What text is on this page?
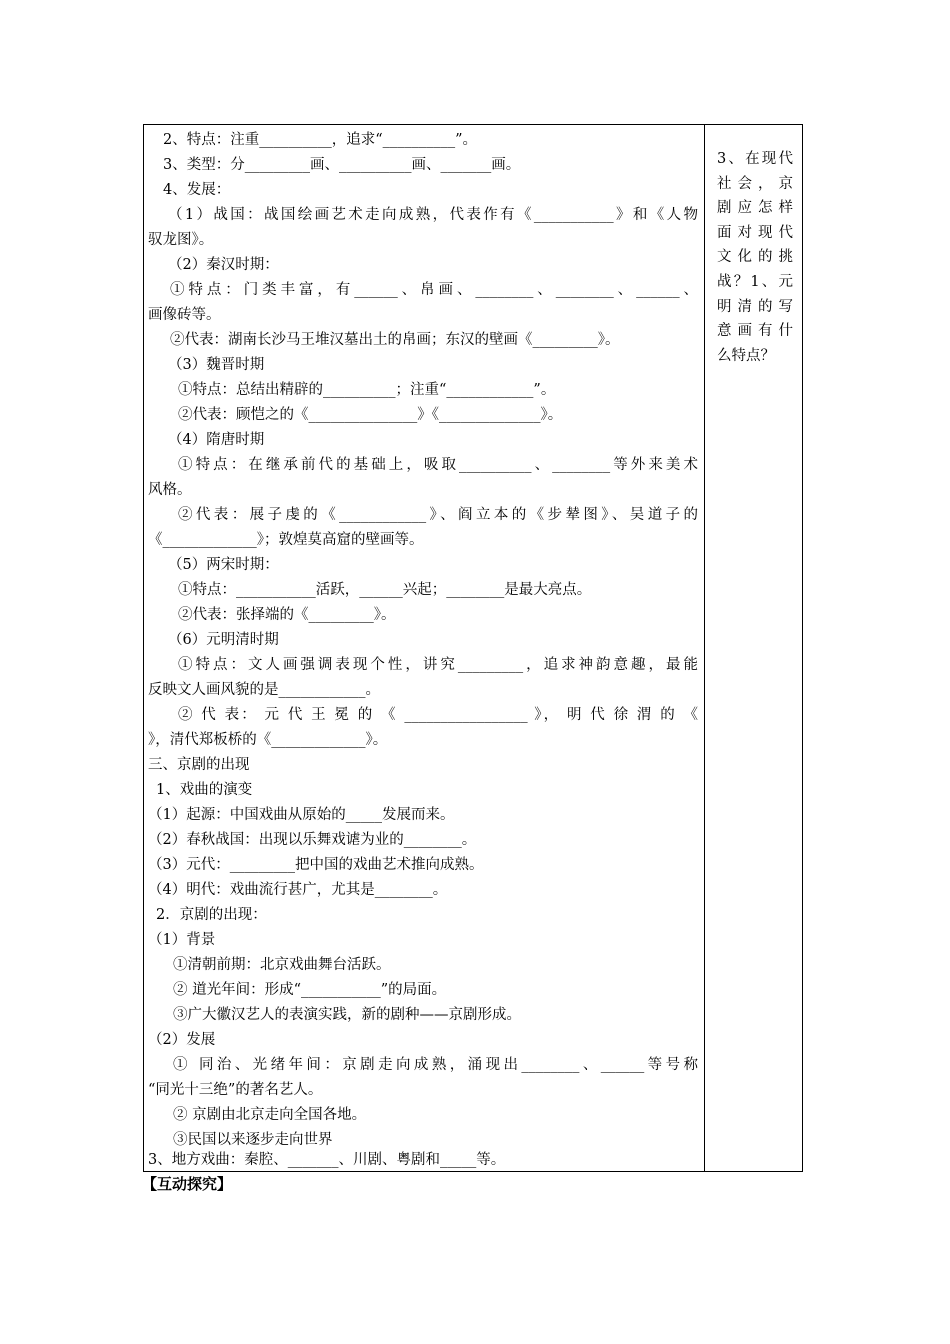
2、特点：注重__________，追求“__________”。
3、类型：分_________画、__________画、_______画。
4、发展：
（1）战国：战国绘画艺术走向成熟，代表作有《___________》和《人物
驭龙图》。
（2）秦汉时期：
①特点：门类丰富，有______、帛画、________、________、______、
画像砖等。
②代表：湖南长沙马王堆汉墓出土的帛画；东汉的壁画《_________》。
（3）魏晋时期
①特点：总结出精辟的__________；注重“____________”。
②代表：顾恺之的《_______________》《______________》。
（4）隋唐时期
①特点：在继承前代的基础上，吸取__________、________等外来美术
风格。
②代表：展子虔的《____________》、阎立本的《步辇图》、吴道子的
《_____________》；敦煌莫高窟的壁画等。
（5）两宋时期：
①特点：___________活跃，______兴起；________是最大亮点。
②代表：张择端的《_________》。
（6）元明清时期
①特点：文人画强调表现个性，讲究_________，追求神韵意趣，最能
反映文人画风貌的是____________。
② 代 表： 元 代 王 冕 的 《 _________________ 》， 明 代 徐 渭 的 《
》，清代郑板桥的《_____________》。
三、京剧的出现
1、戏曲的演变
（1）起源：中国戏曲从原始的_____发展而来。
（2）春秋战国：出现以乐舞戏谑为业的________。
（3）元代：_________把中国的戏曲艺术推向成熟。
（4）明代：戏曲流行甚广，尤其是________。
2．京剧的出现：
（1）背景
①清朝前期：北京戏曲舞台活跃。
② 道光年间：形成“___________”的局面。
③广大徽汉艺人的表演实践，新的剧种——京剧形成。
（2）发展
① 同治、光绪年间：京剧走向成熟，涌现出________、______等号称
“同光十三绝”的著名艺人。
② 京剧由北京走向全国各地。
③民国以来逐步走向世界
3、地方戏曲：秦腔、_______、川剧、粤剧和_____等。
3、在现代
社会，京
剧应怎样
面对现代
文化的挑
战？1、元
明清的写
意画有什
么特点？
【互动探究】
